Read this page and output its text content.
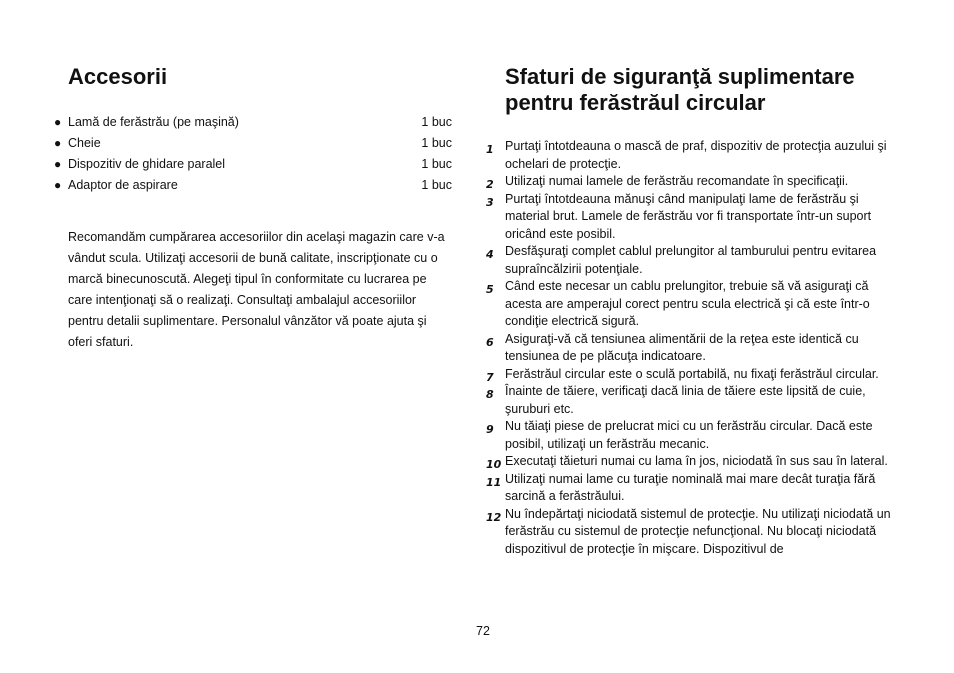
Accesorii
● Lamă de ferăstrău (pe maşină)	1 buc
● Cheie	1 buc
● Dispozitiv de ghidare paralel	1 buc
● Adaptor de aspirare	1 buc

Recomandăm cumpărarea accesoriilor din acelaşi magazin care v-a vândut scula. Utilizaţi accesorii de bună calitate, inscripţionate cu o marcă binecunoscută. Alegeţi tipul în conformitate cu lucrarea pe care intenţionaţi să o realizaţi. Consultaţi ambalajul accesoriilor pentru detalii suplimentare. Personalul vânzător vă poate ajuta şi oferi sfaturi.

Sfaturi de siguranţă suplimentare pentru ferăstrăul circular
1 Purtaţi întotdeauna o mască de praf, dispozitiv de protecţia auzului şi ochelari de protecţie.
2 Utilizaţi numai lamele de ferăstrău recomandate în specificaţii.
3 Purtaţi întotdeauna mănuşi când manipulaţi lame de ferăstrău şi material brut. Lamele de ferăstrău vor fi transportate într-un suport oricând este posibil.
4 Desfăşuraţi complet cablul prelungitor al tamburului pentru evitarea supraîncălzirii potenţiale.
5 Când este necesar un cablu prelungitor, trebuie să vă asiguraţi că acesta are amperajul corect pentru scula electrică şi că este într-o condiţie electrică sigură.
6 Asiguraţi-vă că tensiunea alimentării de la reţea este identică cu tensiunea de pe plăcuţa indicatoare.
7 Ferăstrăul circular este o sculă portabilă, nu fixaţi ferăstrăul circular.
8 Înainte de tăiere, verificaţi dacă linia de tăiere este lipsită de cuie, şuruburi etc.
9 Nu tăiaţi piese de prelucrat mici cu un ferăstrău circular. Dacă este posibil, utilizaţi un ferăstrău mecanic.
10 Executaţi tăieturi numai cu lama în jos, niciodată în sus sau în lateral.
11 Utilizaţi numai lame cu turaţie nominală mai mare decât turaţia fără sarcină a ferăstrăului.
12 Nu îndepărtaţi niciodată sistemul de protecţie. Nu utilizaţi niciodată un ferăstrău cu sistemul de protecţie nefuncţional. Nu blocaţi niciodată dispozitivul de protecţie în mişcare. Dispozitivul de
72
